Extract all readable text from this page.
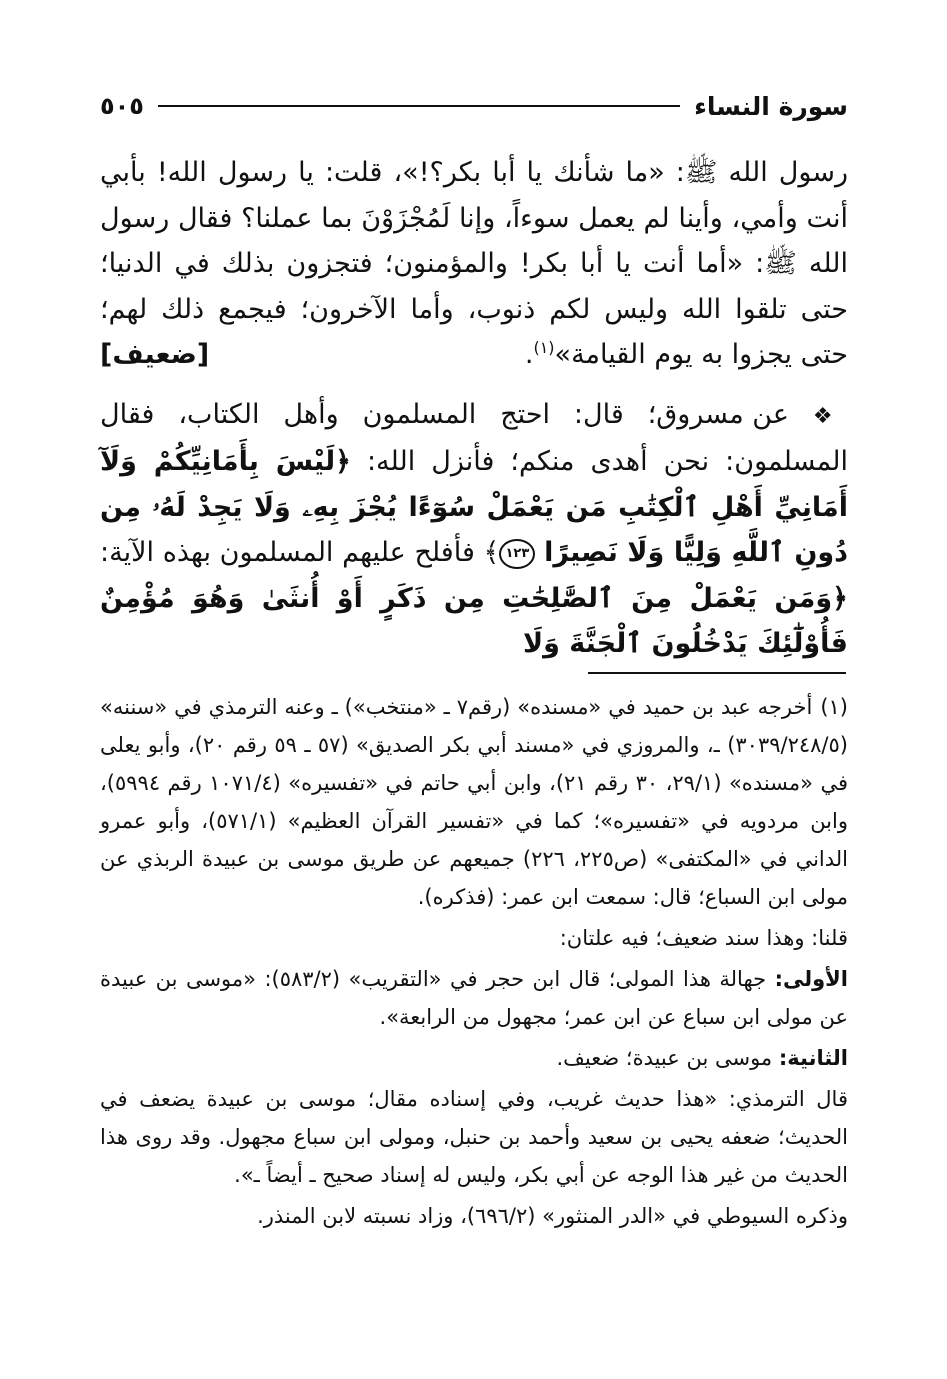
سورة النساء
٥٠٥

رسول الله ﷺ: «ما شأنك يا أبا بكر؟!»، قلت: يا رسول الله! بأبي أنت وأمي، وأينا لم يعمل سوءاً، وإنا لَمُجْزَوْنَ بما عملنا؟ فقال رسول الله ﷺ: «أما أنت يا أبا بكر! والمؤمنون؛ فتجزون بذلك في الدنيا؛ حتى تلقوا الله وليس لكم ذنوب، وأما الآخرون؛ فيجمع ذلك لهم؛ حتى يجزوا به يوم القيامة»$^{(١)}$.
[ضعيف]

❖ عن مسروق؛ قال: احتج المسلمون وأهل الكتاب، فقال المسلمون: نحن أهدى منكم؛ فأنزل الله: ﴿لَيْسَ بِأَمَانِيِّكُمْ وَلَآ أَمَانِيِّ أَهْلِ ٱلْكِتَٰبِ مَن يَعْمَلْ سُوٓءًا يُجْزَ بِهِۦ وَلَا يَجِدْ لَهُۥ مِن دُونِ ٱللَّهِ وَلِيًّا وَلَا نَصِيرًا ١٢٣﴾ فأفلح عليهم المسلمون بهذه الآية: ﴿وَمَن يَعْمَلْ مِنَ ٱلصَّٰلِحَٰتِ مِن ذَكَرٍ أَوْ أُنثَىٰ وَهُوَ مُؤْمِنٌ فَأُوْلَٰٓئِكَ يَدْخُلُونَ ٱلْجَنَّةَ وَلَا

(١)أخرجه عبد بن حميد في «مسنده» (رقم٧ ـ «منتخب») ـ وعنه الترمذي في «سننه» (٣٠٣٩/٢٤٨/٥) ـ، والمروزي في «مسند أبي بكر الصديق» (٥٧ ـ ٥٩ رقم ٢٠)، وأبو يعلى في «مسنده» (٢٩/١، ٣٠ رقم ٢١)، وابن أبي حاتم في «تفسيره» (١٠٧١/٤ رقم ٥٩٩٤)، وابن مردويه في «تفسيره»؛ كما في «تفسير القرآن العظيم» (٥٧١/١)، وأبو عمرو الداني في «المكتفى» (ص٢٢٥، ٢٢٦) جميعهم عن طريق موسى بن عبيدة الربذي عن مولى ابن السباع؛ قال: سمعت ابن عمر: (فذكره).

قلنا: وهذا سند ضعيف؛ فيه علتان:

الأولى: جهالة هذا المولى؛ قال ابن حجر في «التقريب» (٥٨٣/٢): «موسى بن عبيدة عن مولى ابن سباع عن ابن عمر؛ مجهول من الرابعة».

الثانية: موسى بن عبيدة؛ ضعيف.

قال الترمذي: «هذا حديث غريب، وفي إسناده مقال؛ موسى بن عبيدة يضعف في الحديث؛ ضعفه يحيى بن سعيد وأحمد بن حنبل، ومولى ابن سباع مجهول. وقد روى هذا الحديث من غير هذا الوجه عن أبي بكر، وليس له إسناد صحيح ـ أيضاً ـ».

وذكره السيوطي في «الدر المنثور» (٦٩٦/٢)، وزاد نسبته لابن المنذر.
